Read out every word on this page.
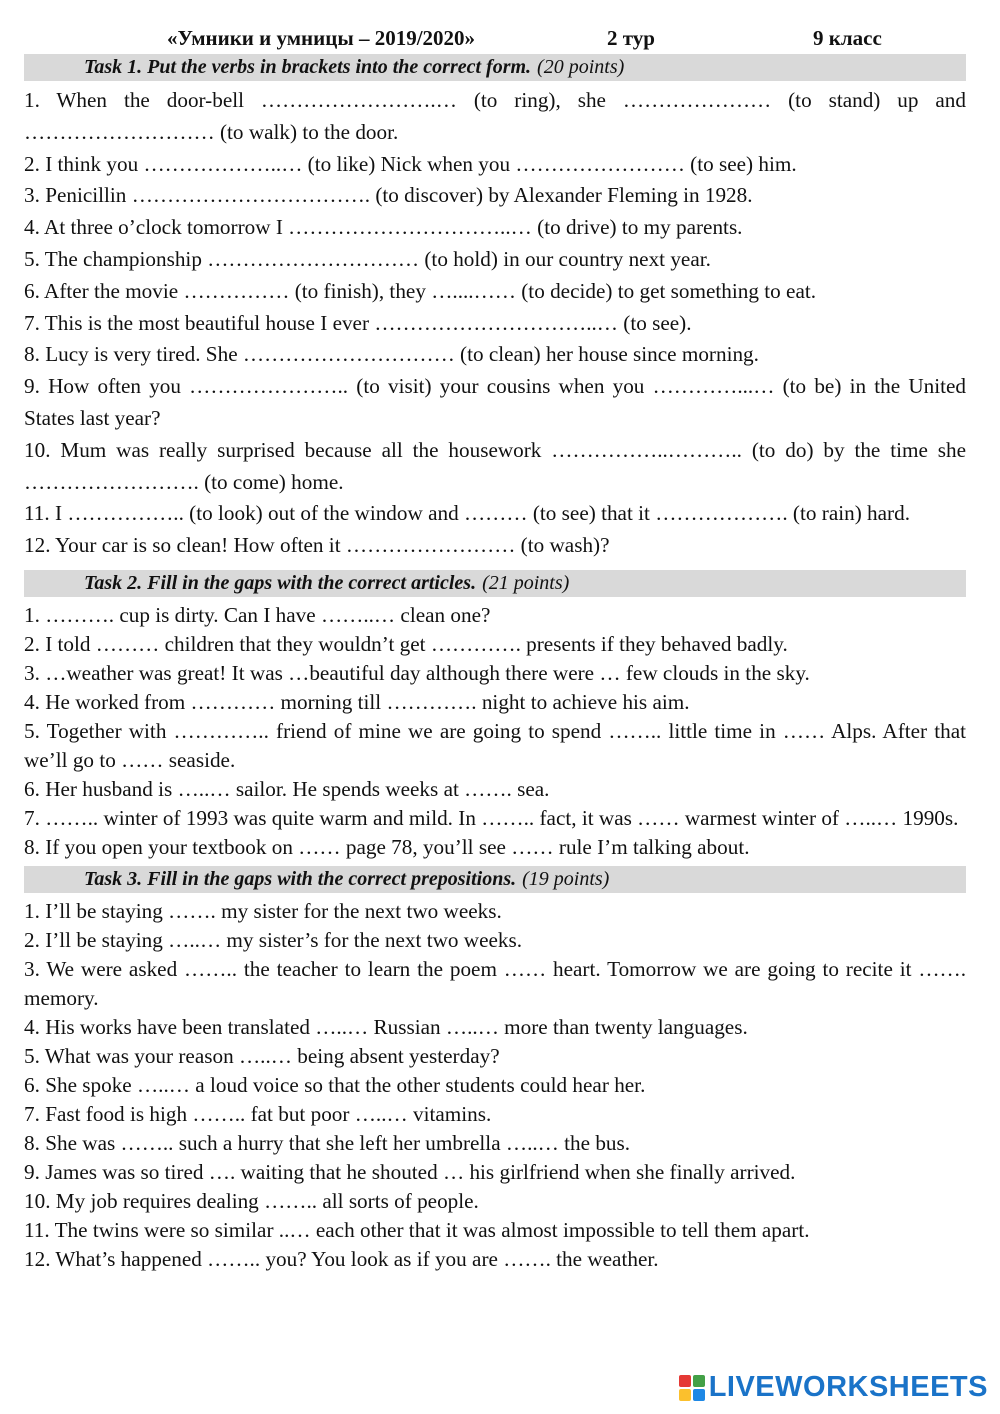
«Умники и умницы – 2019/2020»	2 тур	9 класс
Task 1. Put the verbs in brackets into the correct form. (20 points)
1. When the door-bell …………………….… (to ring), she ………………… (to stand) up and ……………………… (to walk) to the door.
2. I think you ………………..… (to like) Nick when you …………………… (to see) him.
3. Penicillin ……………………………. (to discover) by Alexander Fleming in 1928.
4. At three o’clock tomorrow I …………………………..… (to drive) to my parents.
5. The championship ………………………… (to hold) in our country next year.
6. After the movie …………… (to finish), they …....…… (to decide) to get something to eat.
7. This is the most beautiful house I ever …………………………..… (to see).
8. Lucy is very tired. She ………………………… (to clean) her house since morning.
9. How often you ………………….. (to visit) your cousins when you …………...… (to be) in the United States last year?
10. Mum was really surprised because all the housework ……………..……….. (to do) by the time she ……………………. (to come) home.
11. I …………….. (to look) out of the window and ……… (to see) that it ………………. (to rain) hard.
12. Your car is so clean! How often it …………………… (to wash)?
Task 2. Fill in the gaps with the correct articles. (21 points)
1. ………. cup is dirty. Can I have ……..… clean one?
2. I told ……… children that they wouldn’t get …………. presents if they behaved badly.
3. …weather was great! It was …beautiful day although there were … few clouds in the sky.
4. He worked from ………… morning till …………. night to achieve his aim.
5. Together with ………….. friend of mine we are going to spend …….. little time in …… Alps. After that we’ll go to …… seaside.
6. Her husband is …..… sailor. He spends weeks at ……. sea.
7. …….. winter of 1993 was quite warm and mild. In …….. fact, it was …… warmest winter of …..… 1990s.
8. If you open your textbook on …… page 78, you’ll see …… rule I’m talking about.
Task 3. Fill in the gaps with the correct prepositions. (19 points)
1. I’ll be staying ……. my sister for the next two weeks.
2. I’ll be staying …..… my sister’s for the next two weeks.
3. We were asked …….. the teacher to learn the poem …… heart. Tomorrow we are going to recite it ……. memory.
4. His works have been translated …..… Russian …..… more than twenty languages.
5. What was your reason …..… being absent yesterday?
6. She spoke …..… a loud voice so that the other students could hear her.
7. Fast food is high …….. fat but poor …..… vitamins.
8. She was …….. such a hurry that she left her umbrella …..… the bus.
9. James was so tired …. waiting that he shouted … his girlfriend when she finally arrived.
10. My job requires dealing …….. all sorts of people.
11. The twins were so similar ..… each other that it was almost impossible to tell them apart.
12. What’s happened …….. you? You look as if you are ……. the weather.
LIVEWORKSHEETS
